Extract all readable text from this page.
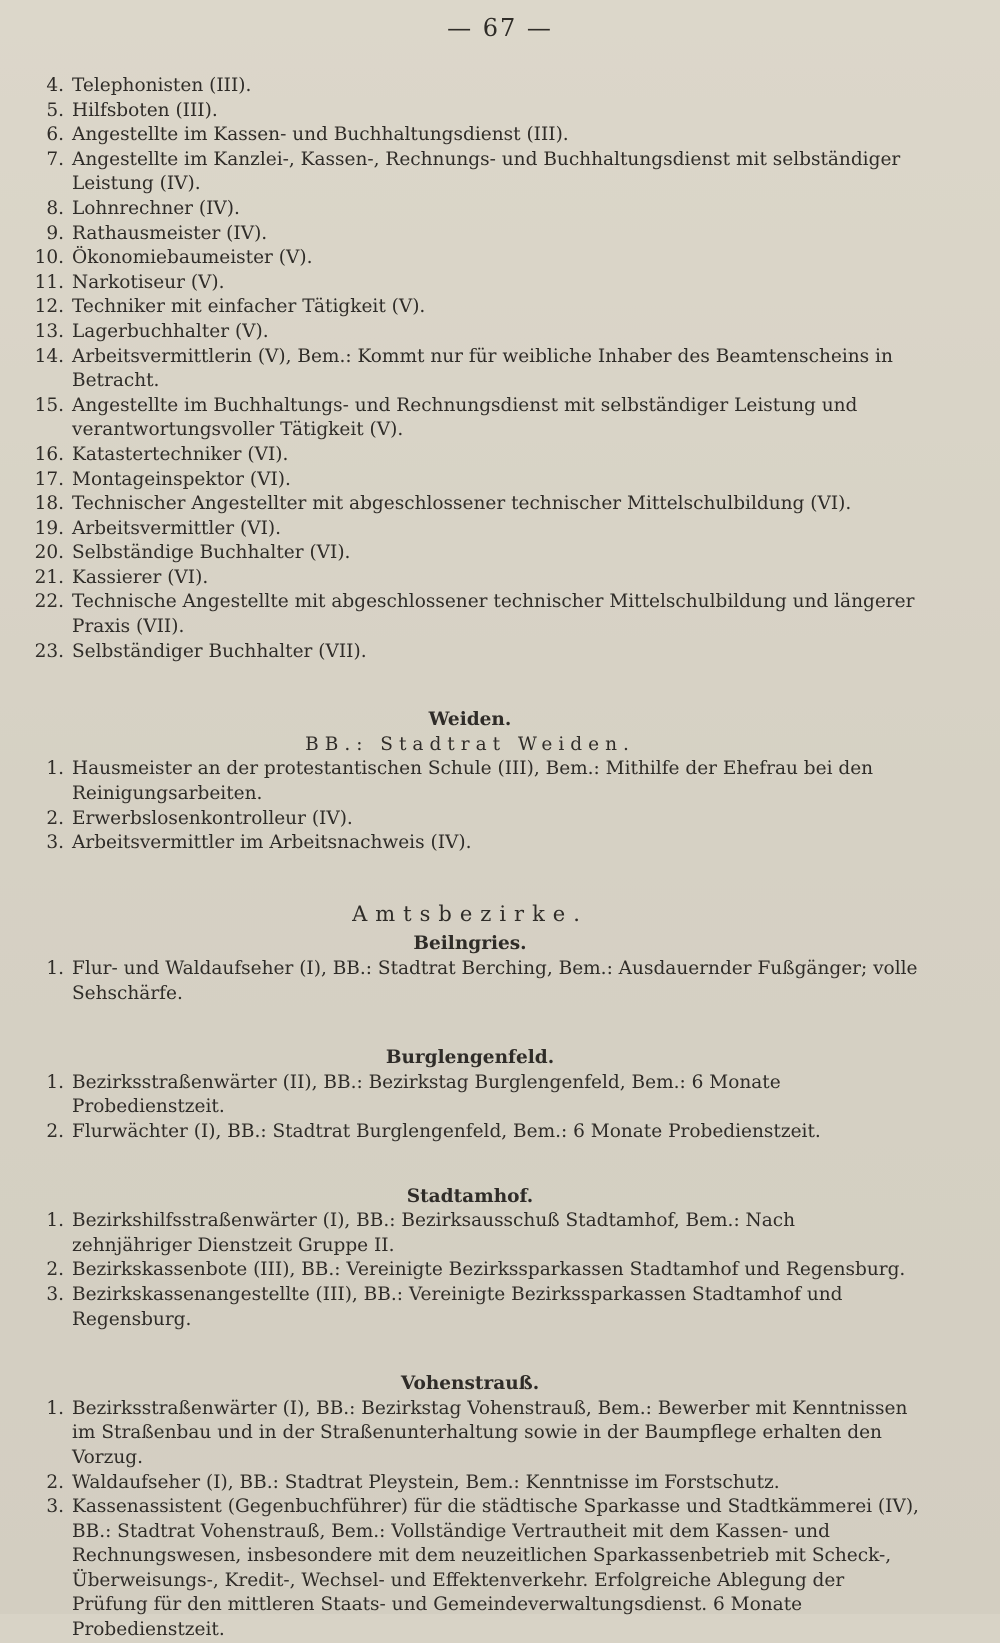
— 67 —
4. Telephonisten (III).
5. Hilfsboten (III).
6. Angestellte im Kassen- und Buchhaltungsdienst (III).
7. Angestellte im Kanzlei-, Kassen-, Rechnungs- und Buchhaltungsdienst mit selbständiger Leistung (IV).
8. Lohnrechner (IV).
9. Rathausmeister (IV).
10. Ökonomiebaumeister (V).
11. Narkotiseur (V).
12. Techniker mit einfacher Tätigkeit (V).
13. Lagerbuchhalter (V).
14. Arbeitsvermittlerin (V), Bem.: Kommt nur für weibliche Inhaber des Beamtenscheins in Betracht.
15. Angestellte im Buchhaltungs- und Rechnungsdienst mit selbständiger Leistung und verantwortungsvoller Tätigkeit (V).
16. Katastertechniker (VI).
17. Montageinspektor (VI).
18. Technischer Angestellter mit abgeschlossener technischer Mittelschulbildung (VI).
19. Arbeitsvermittler (VI).
20. Selbständige Buchhalter (VI).
21. Kassierer (VI).
22. Technische Angestellte mit abgeschlossener technischer Mittelschulbildung und längerer Praxis (VII).
23. Selbständiger Buchhalter (VII).
Weiden.
BB.: Stadtrat Weiden.
1. Hausmeister an der protestantischen Schule (III), Bem.: Mithilfe der Ehefrau bei den Reinigungsarbeiten.
2. Erwerbslosenkontrolleur (IV).
3. Arbeitsvermittler im Arbeitsnachweis (IV).
Amtsbezirke.
Beilngries.
1. Flur- und Waldaufseher (I), BB.: Stadtrat Berching, Bem.: Ausdauernder Fußgänger; volle Sehschärfe.
Burglengenfeld.
1. Bezirksstraßenwärter (II), BB.: Bezirkstag Burglengenfeld, Bem.: 6 Monate Probedienstzeit.
2. Flurwächter (I), BB.: Stadtrat Burglengenfeld, Bem.: 6 Monate Probedienstzeit.
Stadtamhof.
1. Bezirkshilfsstraßenwärter (I), BB.: Bezirksausschuß Stadtamhof, Bem.: Nach zehnjähriger Dienstzeit Gruppe II.
2. Bezirkskassenbote (III), BB.: Vereinigte Bezirkssparkassen Stadtamhof und Regensburg.
3. Bezirkskassenangestellte (III), BB.: Vereinigte Bezirkssparkassen Stadtamhof und Regensburg.
Vohenstrauß.
1. Bezirksstraßenwärter (I), BB.: Bezirkstag Vohenstrauß, Bem.: Bewerber mit Kenntnissen im Straßenbau und in der Straßenunterhaltung sowie in der Baumpflege erhalten den Vorzug.
2. Waldaufseher (I), BB.: Stadtrat Pleystein, Bem.: Kenntnisse im Forstschutz.
3. Kassenassistent (Gegenbuchführer) für die städtische Sparkasse und Stadtkämmerei (IV), BB.: Stadtrat Vohenstrauß, Bem.: Vollständige Vertrautheit mit dem Kassen- und Rechnungswesen, insbesondere mit dem neuzeitlichen Sparkassenbetrieb mit Scheck-, Überweisungs-, Kredit-, Wechsel- und Effektenverkehr. Erfolgreiche Ablegung der Prüfung für den mittleren Staats- und Gemeindeverwaltungsdienst. 6 Monate Probedienstzeit.
